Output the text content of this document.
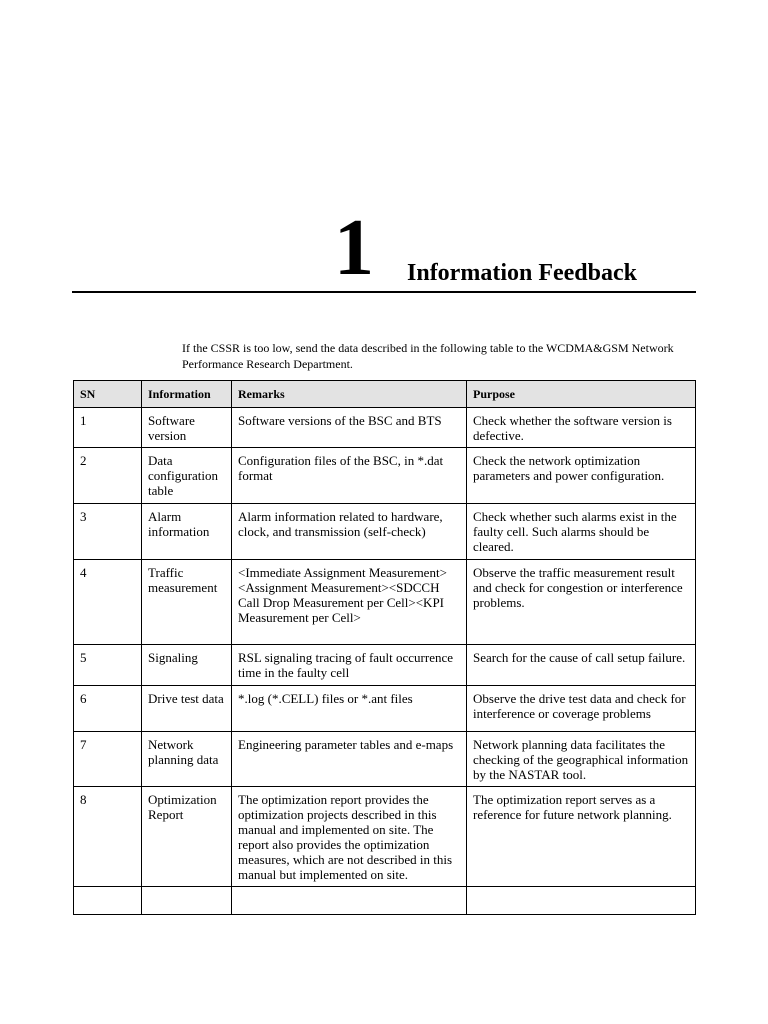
1 Information Feedback
If the CSSR is too low, send the data described in the following table to the WCDMA&GSM Network Performance Research Department.
SN	Information	Remarks	Purpose
1	Software version	Software versions of the BSC and BTS	Check whether the software version is defective.
2	Data configuration table	Configuration files of the BSC, in *.dat format	Check the network optimization parameters and power configuration.
3	Alarm information	Alarm information related to hardware, clock, and transmission (self-check)	Check whether such alarms exist in the faulty cell. Such alarms should be cleared.
4	Traffic measurement	<Immediate Assignment Measurement><Assignment Measurement><SDCCH Call Drop Measurement per Cell><KPI Measurement per Cell>	Observe the traffic measurement result and check for congestion or interference problems.
5	Signaling	RSL signaling tracing of fault occurrence time in the faulty cell	Search for the cause of call setup failure.
6	Drive test data	*.log (*.CELL) files or *.ant files	Observe the drive test data and check for interference or coverage problems
7	Network planning data	Engineering parameter tables and e-maps	Network planning data facilitates the checking of the geographical information by the NASTAR tool.
8	Optimization Report	The optimization report provides the optimization projects described in this manual and implemented on site. The report also provides the optimization measures, which are not described in this manual but implemented on site.	The optimization report serves as a reference for future network planning.
